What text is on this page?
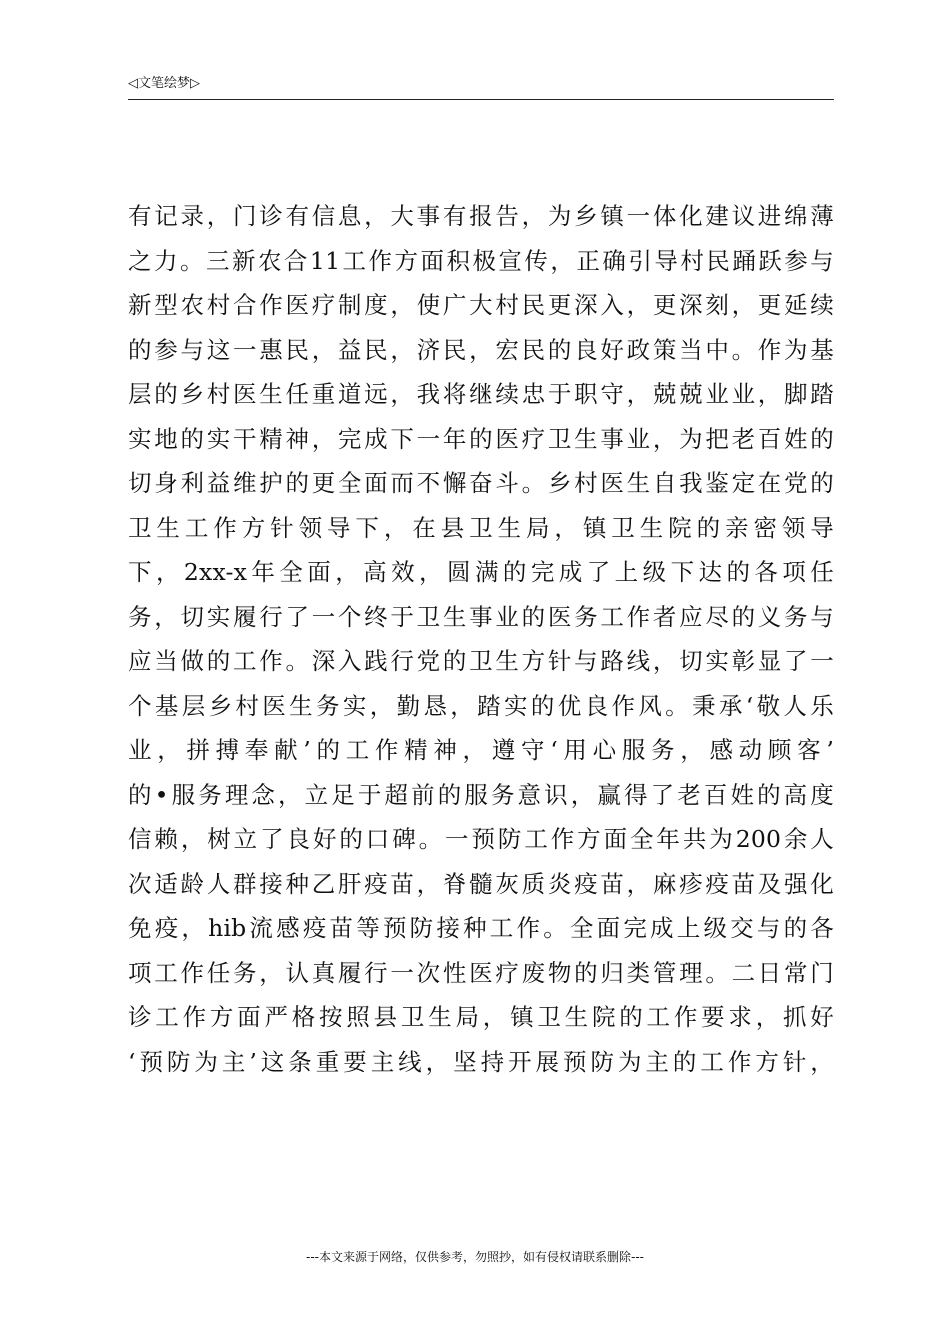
◁文笔绘梦▷
有记录，门诊有信息，大事有报告，为乡镇一体化建议进绵薄
之力。三新农合11工作方面积极宣传，正确引导村民踊跃参与
新型农村合作医疗制度，使广大村民更深入，更深刻，更延续
的参与这一惠民，益民，济民，宏民的良好政策当中。作为基
层的乡村医生任重道远，我将继续忠于职守，兢兢业业，脚踏
实地的实干精神，完成下一年的医疗卫生事业，为把老百姓的
切身利益维护的更全面而不懈奋斗。乡村医生自我鉴定在党的
卫生工作方针领导下，在县卫生局，镇卫生院的亲密领导
下，2xx-x年全面，高效，圆满的完成了上级下达的各项任
务，切实履行了一个终于卫生事业的医务工作者应尽的义务与
应当做的工作。深入践行党的卫生方针与路线，切实彰显了一
个基层乡村医生务实，勤恳，踏实的优良作风。秉承‘敬人乐
业，拼搏奉献’的工作精神，遵守‘用心服务，感动顾客’
的•服务理念，立足于超前的服务意识，赢得了老百姓的高度
信赖，树立了良好的口碑。一预防工作方面全年共为200余人
次适龄人群接种乙肝疫苗，脊髓灰质炎疫苗，麻疹疫苗及强化
免疫，hib流感疫苗等预防接种工作。全面完成上级交与的各
项工作任务，认真履行一次性医疗废物的归类管理。二日常门
诊工作方面严格按照县卫生局，镇卫生院的工作要求，抓好
‘预防为主’这条重要主线，坚持开展预防为主的工作方针，
---本文来源于网络，仅供参考，勿照抄，如有侵权请联系删除---
